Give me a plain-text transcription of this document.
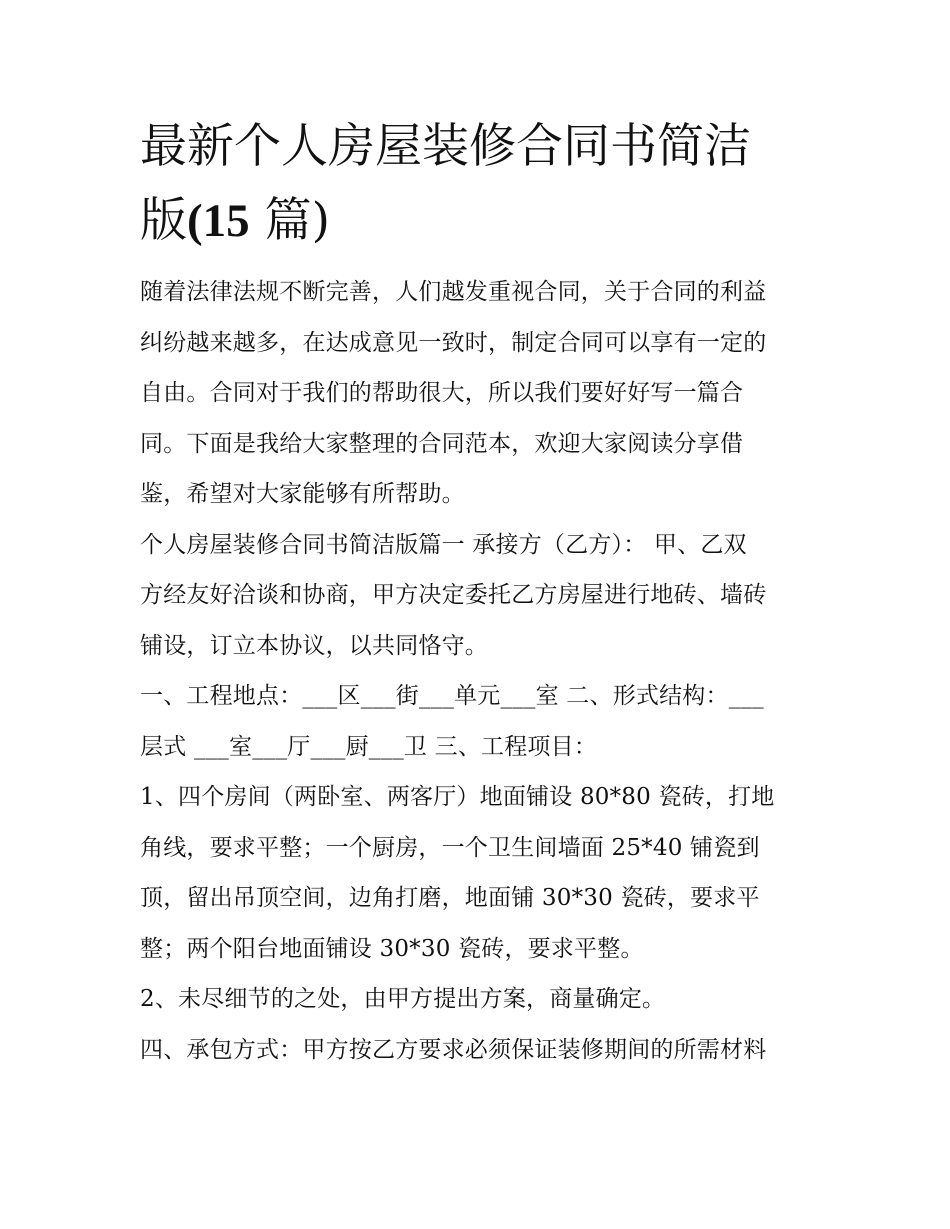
最新个人房屋装修合同书简洁
版(15 篇)

随着法律法规不断完善，人们越发重视合同，关于合同的利益
纠纷越来越多，在达成意见一致时，制定合同可以享有一定的
自由。合同对于我们的帮助很大，所以我们要好好写一篇合
同。下面是我给大家整理的合同范本，欢迎大家阅读分享借
鉴，希望对大家能够有所帮助。

个人房屋装修合同书简洁版篇一 承接方（乙方）： 甲、乙双
方经友好洽谈和协商，甲方决定委托乙方房屋进行地砖、墙砖
铺设，订立本协议，以共同恪守。

一、工程地点：___区___街___单元___室 二、形式结构：___
层式 ___室___厅___厨___卫 三、工程项目：

1、四个房间（两卧室、两客厅）地面铺设 80*80 瓷砖，打地
角线，要求平整；一个厨房，一个卫生间墙面 25*40 铺瓷到
顶，留出吊顶空间，边角打磨，地面铺 30*30 瓷砖，要求平
整；两个阳台地面铺设 30*30 瓷砖，要求平整。

2、未尽细节的之处，由甲方提出方案，商量确定。

四、承包方式：甲方按乙方要求必须保证装修期间的所需材料
